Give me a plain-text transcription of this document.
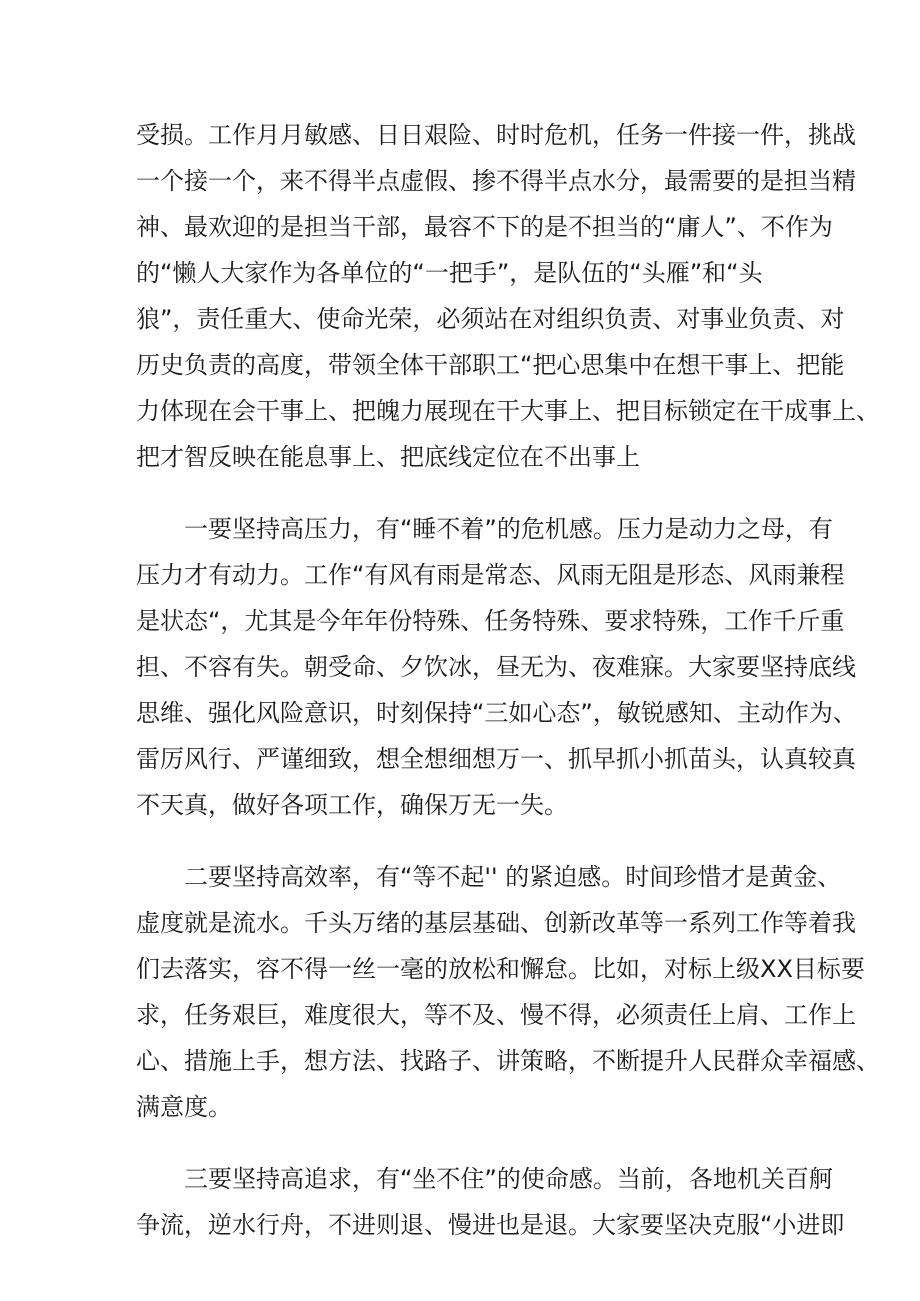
受损。工作月月敏感、日日艰险、时时危机，任务一件接一件，挑战
一个接一个，来不得半点虚假、掺不得半点水分，最需要的是担当精
神、最欢迎的是担当干部，最容不下的是不担当的“庸人”、不作为
的“懒人大家作为各单位的“一把手”，是队伍的“头雁”和“头
狼”，责任重大、使命光荣，必须站在对组织负责、对事业负责、对
历史负责的高度，带领全体干部职工“把心思集中在想干事上、把能
力体现在会干事上、把魄力展现在干大事上、把目标锁定在干成事上、
把才智反映在能息事上、把底线定位在不出事上

一要坚持高压力，有“睡不着”的危机感。压力是动力之母，有
压力才有动力。工作“有风有雨是常态、风雨无阻是形态、风雨兼程
是状态“，尤其是今年年份特殊、任务特殊、要求特殊，工作千斤重
担、不容有失。朝受命、夕饮冰，昼无为、夜难寐。大家要坚持底线
思维、强化风险意识，时刻保持“三如心态”，敏锐感知、主动作为、
雷厉风行、严谨细致，想全想细想万一、抓早抓小抓苗头，认真较真
不天真，做好各项工作，确保万无一失。

二要坚持高效率，有“等不起'' 的紧迫感。时间珍惜才是黄金、
虚度就是流水。千头万绪的基层基础、创新改革等一系列工作等着我
们去落实，容不得一丝一毫的放松和懈怠。比如，对标上级XX目标要
求，任务艰巨，难度很大，等不及、慢不得，必须责任上肩、工作上
心、措施上手，想方法、找路子、讲策略，不断提升人民群众幸福感、
满意度。

三要坚持高追求，有“坐不住”的使命感。当前，各地机关百舸
争流，逆水行舟，不进则退、慢进也是退。大家要坚决克服“小进即
